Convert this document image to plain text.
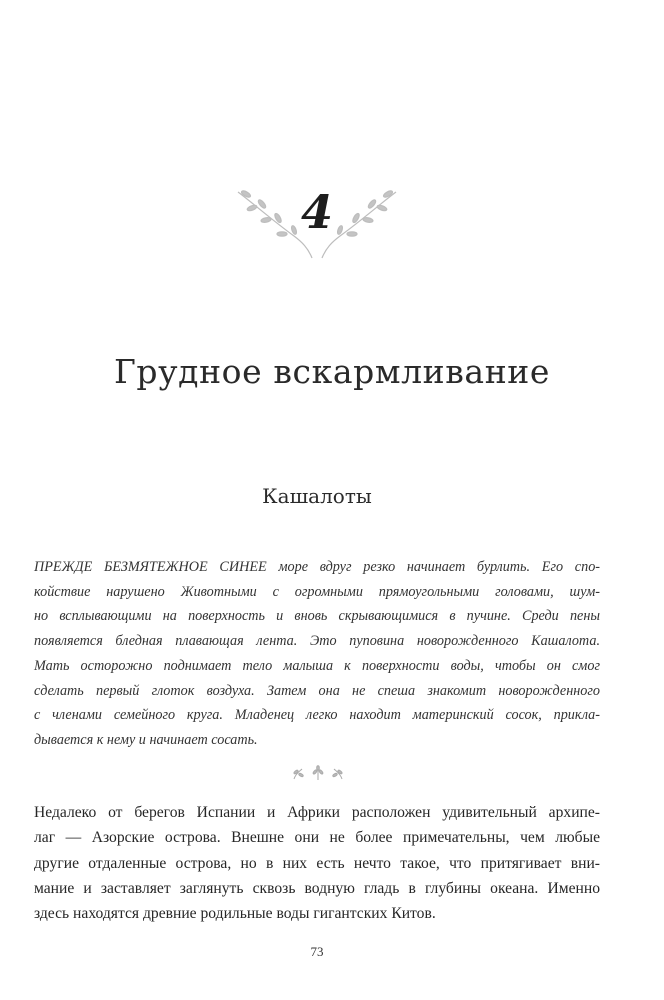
4
Грудное вскармливание
Кашалоты

ПРЕЖДЕ БЕЗМЯТЕЖНОЕ СИНЕЕ море вдруг резко начинает бурлить. Его спо-
койствие нарушено Животными с огромными прямоугольными головами, шум-
но всплывающими на поверхность и вновь скрывающимися в пучине. Среди пены
появляется бледная плавающая лента. Это пуповина новорожденного Кашалота.
Мать осторожно поднимает тело малыша к поверхности воды, чтобы он смог
сделать первый глоток воздуха. Затем она не спеша знакомит новорожденного
с членами семейного круга. Младенец легко находит материнский сосок, прикла-
дывается к нему и начинает сосать.

Недалеко от берегов Испании и Африки расположен удивительный архипе-
лаг — Азорские острова. Внешне они не более примечательны, чем любые
другие отдаленные острова, но в них есть нечто такое, что притягивает вни-
мание и заставляет заглянуть сквозь водную гладь в глубины океана. Именно
здесь находятся древние родильные воды гигантских Китов.

73
